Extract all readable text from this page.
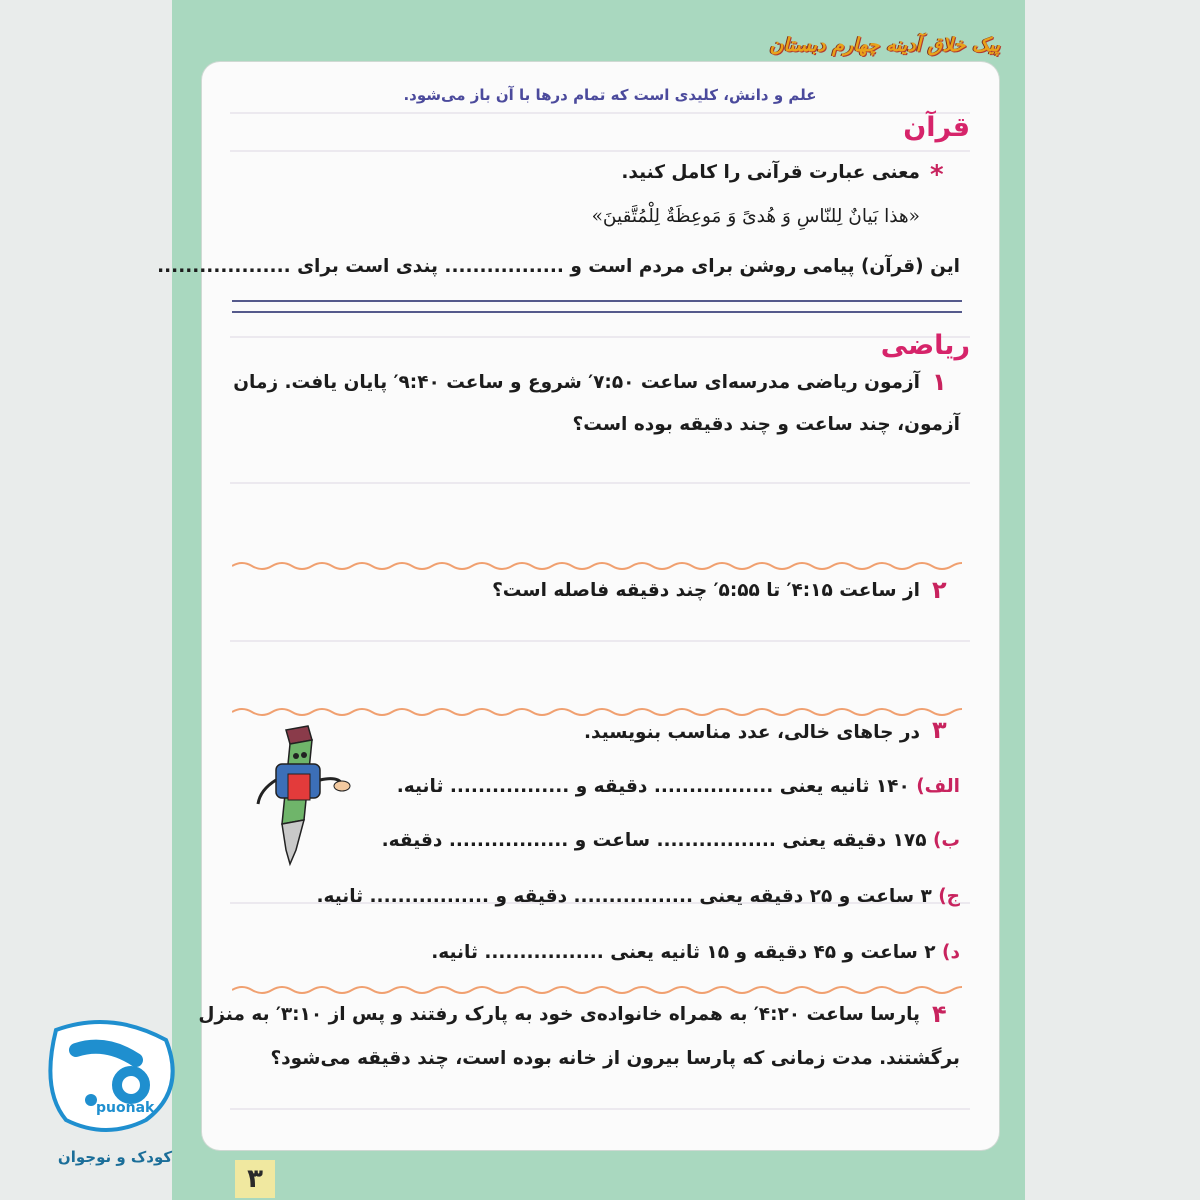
پیک خلاق آدینه چهارم دبستان
علم و دانش، کلیدی است که تمام درها با آن باز می‌شود.
قرآن
*
معنی عبارت قرآنی را کامل کنید.
«هذا بَیانٌ لِلنّاسِ وَ هُدیً وَ مَوعِظَةٌ لِلْمُتَّقینَ»
این (قرآن) پیامی روشن برای مردم است و ................. پندی است برای ...................
ریاضی
۱
آزمون ریاضی مدرسه‌ای ساعت ۷:۵۰′ شروع و ساعت ۹:۴۰′ پایان یافت. زمان
آزمون، چند ساعت و چند دقیقه بوده است؟
۲
از ساعت ۴:۱۵′ تا ۵:۵۵′ چند دقیقه فاصله است؟
۳
در جاهای خالی، عدد مناسب بنویسید.
الف) ۱۴۰ ثانیه یعنی ................. دقیقه و ................. ثانیه.
ب) ۱۷۵ دقیقه یعنی ................. ساعت و ................. دقیقه.
ج) ۳ ساعت و ۲۵ دقیقه یعنی ................. دقیقه و ................. ثانیه.
د) ۲ ساعت و ۴۵ دقیقه و ۱۵ ثانیه یعنی ................. ثانیه.
۴
پارسا ساعت ۴:۲۰′ به همراه خانواده‌ی خود به پارک رفتند و پس از ۳:۱۰′ به منزل
برگشتند. مدت زمانی که پارسا بیرون از خانه بوده است، چند دقیقه می‌شود؟
۳
puonak
کودک و نوجوان
